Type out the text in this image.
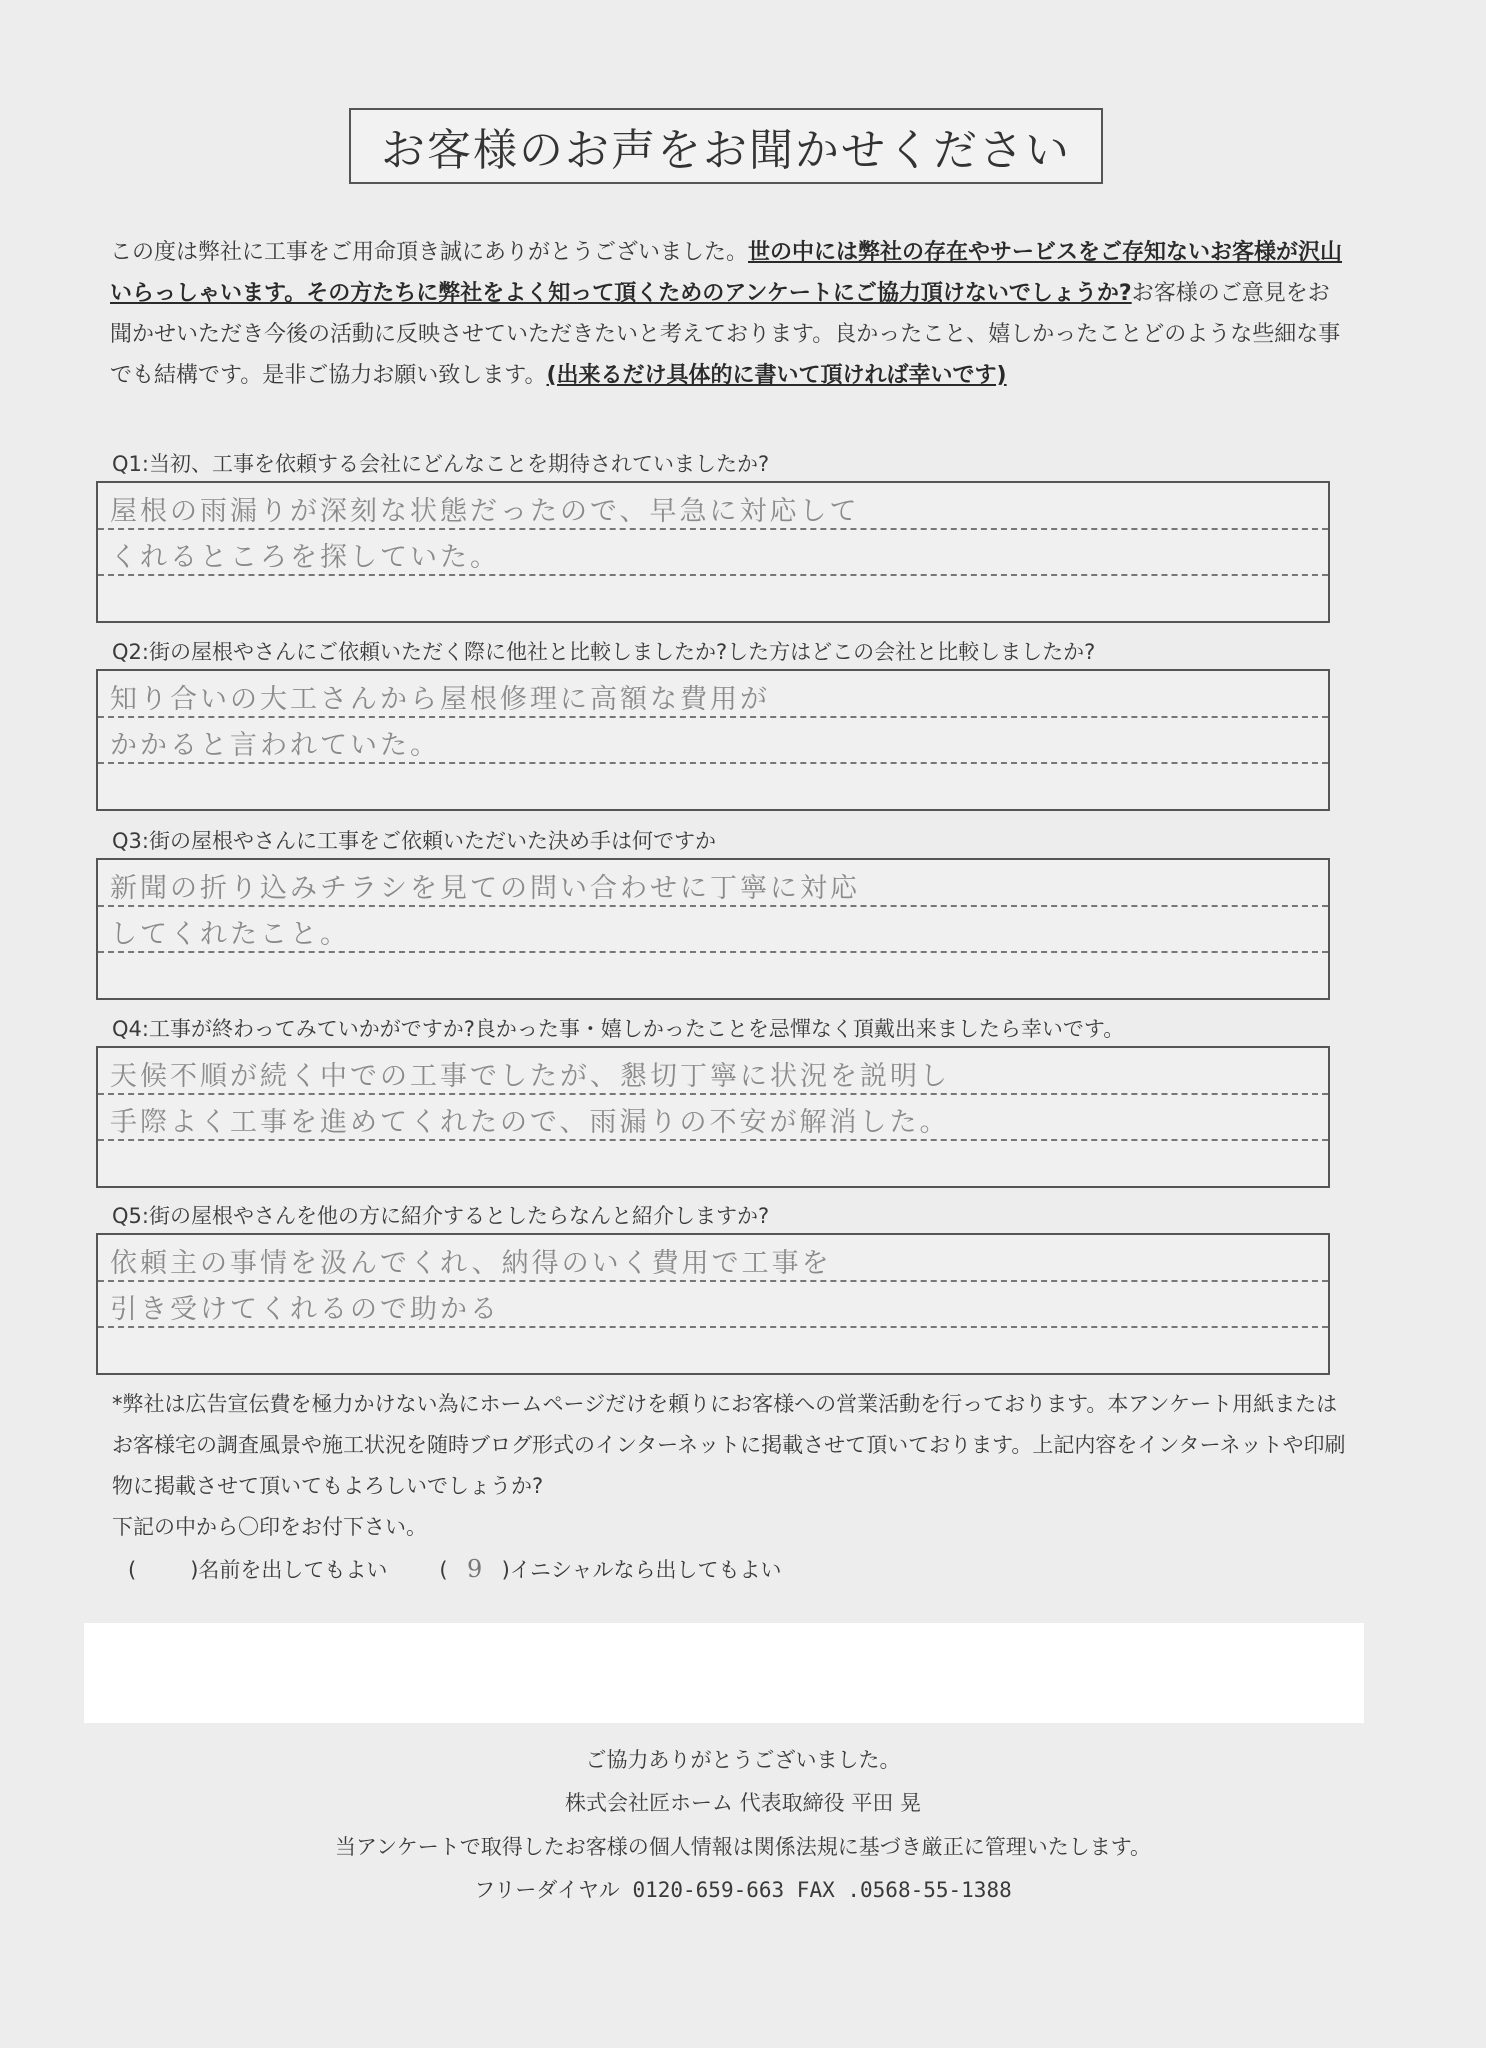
お客様のお声をお聞かせください
この度は弊社に工事をご用命頂き誠にありがとうございました。世の中には弊社の存在やサービスをご存知ないお客様が沢山いらっしゃいます。その方たちに弊社をよく知って頂くためのアンケートにご協力頂けないでしょうか?お客様のご意見をお聞かせいただき今後の活動に反映させていただきたいと考えております。良かったこと、嬉しかったことどのような些細な事でも結構です。是非ご協力お願い致します。(出来るだけ具体的に書いて頂ければ幸いです)
Q1:当初、工事を依頼する会社にどんなことを期待されていましたか?
屋根の雨漏りが深刻な状態だったので、早急に対応して
くれるところを探していた。
Q2:街の屋根やさんにご依頼いただく際に他社と比較しましたか?した方はどこの会社と比較しましたか?
知り合いの大工さんから屋根修理に高額な費用が
かかると言われていた。
Q3:街の屋根やさんに工事をご依頼いただいた決め手は何ですか
新聞の折り込みチラシを見ての問い合わせに丁寧に対応
してくれたこと。
Q4:工事が終わってみていかがですか?良かった事・嬉しかったことを忌憚なく頂戴出来ましたら幸いです。
天候不順が続く中での工事でしたが、懇切丁寧に状況を説明し
手際よく工事を進めてくれたので、雨漏りの不安が解消した。
Q5:街の屋根やさんを他の方に紹介するとしたらなんと紹介しますか?
依頼主の事情を汲んでくれ、納得のいく費用で工事を
引き受けてくれるので助かる
*弊社は広告宣伝費を極力かけない為にホームページだけを頼りにお客様への営業活動を行っております。本アンケート用紙またはお客様宅の調査風景や施工状況を随時ブログ形式のインターネットに掲載させて頂いております。上記内容をインターネットや印刷物に掲載させて頂いてもよろしいでしょうか?
下記の中から〇印をお付下さい。
(	)名前を出してもよい ( 9 )イニシャルなら出してもよい
ご協力ありがとうございました。
株式会社匠ホーム 代表取締役 平田 晃
当アンケートで取得したお客様の個人情報は関係法規に基づき厳正に管理いたします。
フリーダイヤル 0120-659-663 FAX .0568-55-1388
